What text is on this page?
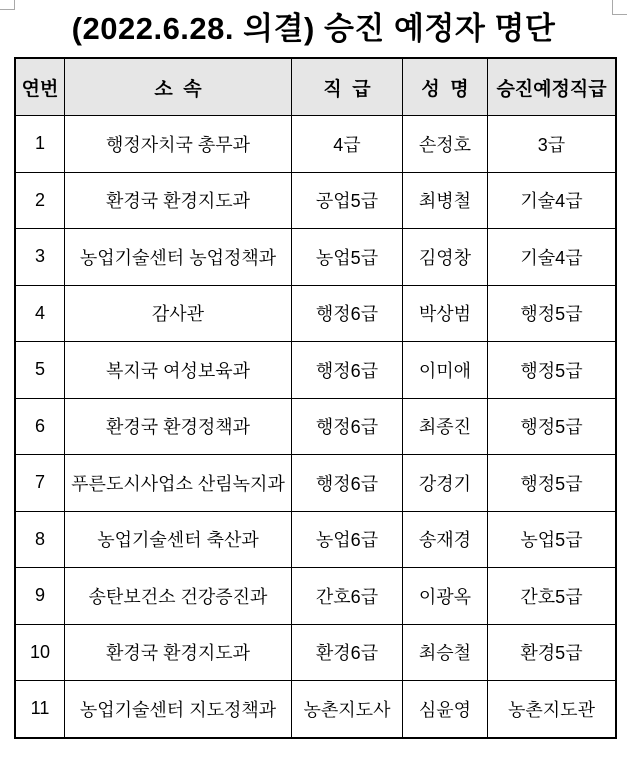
(2022.6.28. 의결) 승진 예정자 명단
연번	소  속	직  급	성  명	승진예정직급
1	행정자치국 총무과	4급	손정호	3급
2	환경국 환경지도과	공업5급	최병철	기술4급
3	농업기술센터 농업정책과	농업5급	김영창	기술4급
4	감사관	행정6급	박상범	행정5급
5	복지국 여성보육과	행정6급	이미애	행정5급
6	환경국 환경정책과	행정6급	최종진	행정5급
7	푸른도시사업소 산림녹지과	행정6급	강경기	행정5급
8	농업기술센터 축산과	농업6급	송재경	농업5급
9	송탄보건소 건강증진과	간호6급	이광옥	간호5급
10	환경국 환경지도과	환경6급	최승철	환경5급
11	농업기술센터 지도정책과	농촌지도사	심윤영	농촌지도관
